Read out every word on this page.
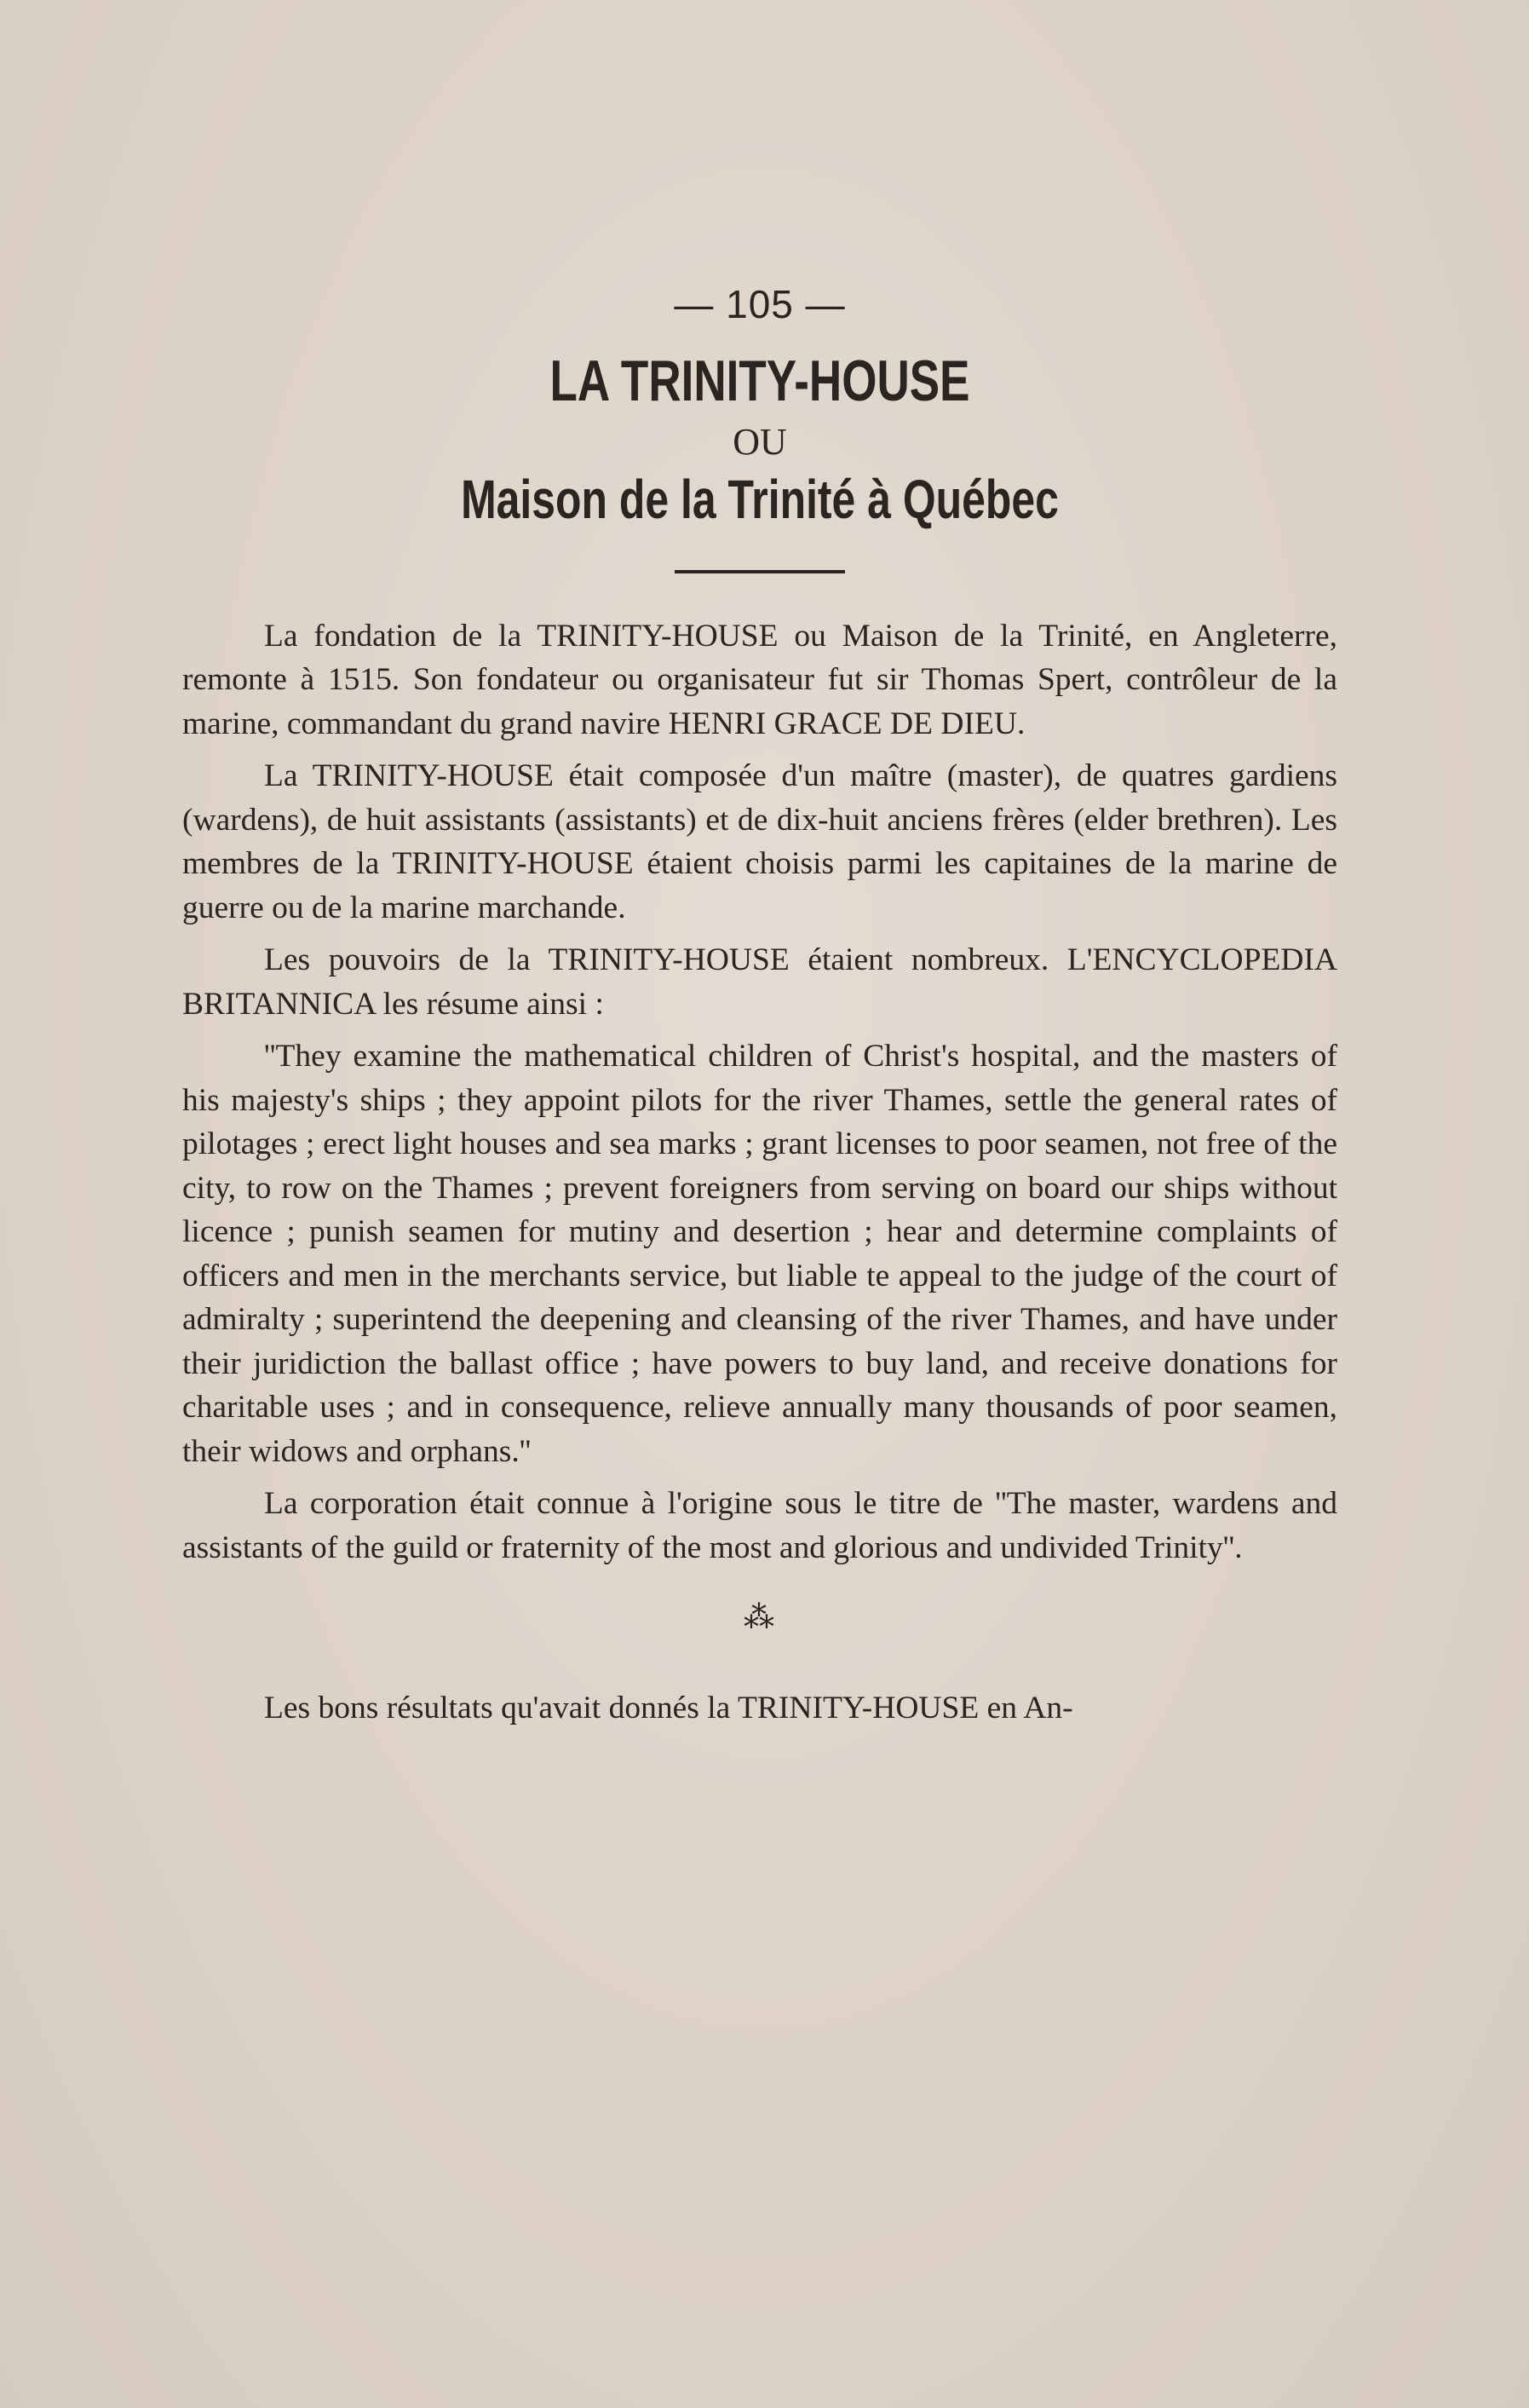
— 105 —
LA TRINITY-HOUSE
OU
Maison de la Trinité à Québec

La fondation de la TRINITY-HOUSE ou Maison de la Trinité, en Angleterre, remonte à 1515. Son fondateur ou organisateur fut sir Thomas Spert, contrôleur de la marine, commandant du grand navire HENRI GRACE DE DIEU.

La TRINITY-HOUSE était composée d'un maître (master), de quatres gardiens (wardens), de huit assistants (assistants) et de dix-huit anciens frères (elder brethren). Les membres de la TRINITY-HOUSE étaient choisis parmi les capitaines de la marine de guerre ou de la marine marchande.

Les pouvoirs de la TRINITY-HOUSE étaient nombreux. L'ENCYCLOPEDIA BRITANNICA les résume ainsi :

''They examine the mathematical children of Christ's hospital, and the masters of his majesty's ships ; they appoint pilots for the river Thames, settle the general rates of pilotages ; erect light houses and sea marks ; grant licenses to poor seamen, not free of the city, to row on the Thames ; prevent foreigners from serving on board our ships without licence ; punish seamen for mutiny and desertion ; hear and determine complaints of officers and men in the merchants service, but liable te appeal to the judge of the court of admiralty ; superintend the deepening and cleansing of the river Thames, and have under their juridiction the ballast office ; have powers to buy land, and receive donations for charitable uses ; and in consequence, relieve annually many thousands of poor seamen, their widows and orphans.''

La corporation était connue à l'origine sous le titre de ''The master, wardens and assistants of the guild or fraternity of the most and glorious and undivided Trinity''.

⁂

Les bons résultats qu'avait donnés la TRINITY-HOUSE en An-
